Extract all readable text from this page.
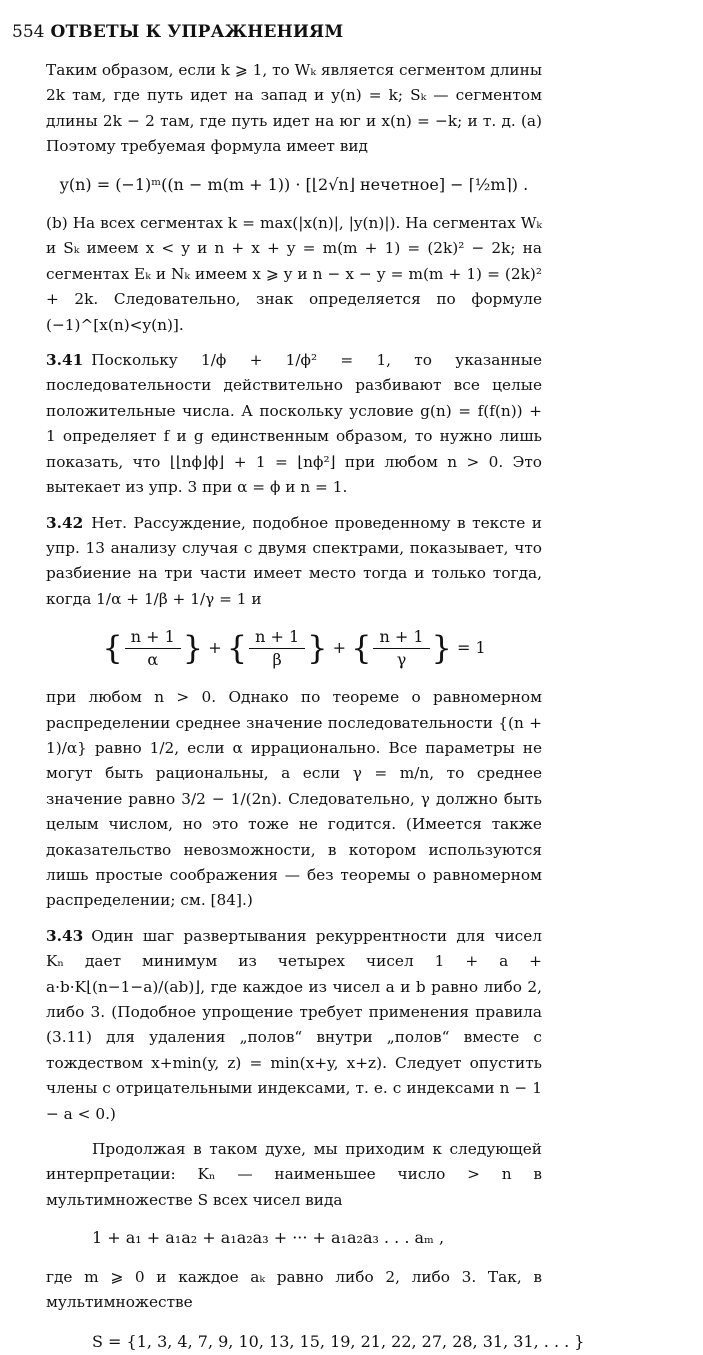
554 ОТВЕТЫ К УПРАЖНЕНИЯМ

Таким образом, если k ⩾ 1, то Wₖ является сегментом длины 2k там, где путь идет на запад и y(n) = k; Sₖ — сегментом длины 2k − 2 там, где путь идет на юг и x(n) = −k; и т. д. (a) Поэтому требуемая формула имеет вид

y(n) = (−1)ᵐ((n − m(m + 1)) · [⌊2√n⌋ нечетное] − ⌈½m⌉) .

(b) На всех сегментах k = max(|x(n)|, |y(n)|). На сегментах Wₖ и Sₖ имеем x < y и n + x + y = m(m + 1) = (2k)² − 2k; на сегментах Eₖ и Nₖ имеем x ⩾ y и n − x − y = m(m + 1) = (2k)² + 2k. Следовательно, знак определяется по формуле (−1)^[x(n)<y(n)].

3.41 Поскольку 1/ϕ + 1/ϕ² = 1, то указанные последовательности действительно разбивают все целые положительные числа. А поскольку условие g(n) = f(f(n)) + 1 определяет f и g единственным образом, то нужно лишь показать, что ⌊⌊nϕ⌋ϕ⌋ + 1 = ⌊nϕ²⌋ при любом n > 0. Это вытекает из упр. 3 при α = ϕ и n = 1.

3.42 Нет. Рассуждение, подобное проведенному в тексте и упр. 13 анализу случая с двумя спектрами, показывает, что разбиение на три части имеет место тогда и только тогда, когда 1/α + 1/β + 1/γ = 1 и

{ $\frac{n + 1}{\alpha}$ } + { $\frac{n + 1}{\beta}$ } + { $\frac{n + 1}{\gamma}$ } = 1

при любом n > 0. Однако по теореме о равномерном распределении среднее значение последовательности {(n + 1)/α} равно 1/2, если α иррационально. Все параметры не могут быть рациональны, а если γ = m/n, то среднее значение равно 3/2 − 1/(2n). Следовательно, γ должно быть целым числом, но это тоже не годится. (Имеется также доказательство невозможности, в котором используются лишь простые соображения — без теоремы о равномерном распределении; см. [84].)

3.43 Один шаг развертывания рекуррентности для чисел Kₙ дает минимум из четырех чисел 1 + a + a·b·K⌊(n−1−a)/(ab)⌋, где каждое из чисел a и b равно либо 2, либо 3. (Подобное упрощение требует применения правила (3.11) для удаления „полов“ внутри „полов“ вместе с тождеством x+min(y, z) = min(x+y, x+z). Следует опустить члены с отрицательными индексами, т. е. с индексами n − 1 − a < 0.)

Продолжая в таком духе, мы приходим к следующей интерпретации: Kₙ — наименьшее число > n в мультимножестве S всех чисел вида

1 + a₁ + a₁a₂ + a₁a₂a₃ + ··· + a₁a₂a₃ . . . aₘ ,

где m ⩾ 0 и каждое aₖ равно либо 2, либо 3. Так, в мультимножестве

S = {1, 3, 4, 7, 9, 10, 13, 15, 19, 21, 22, 27, 28, 31, 31, . . . }
